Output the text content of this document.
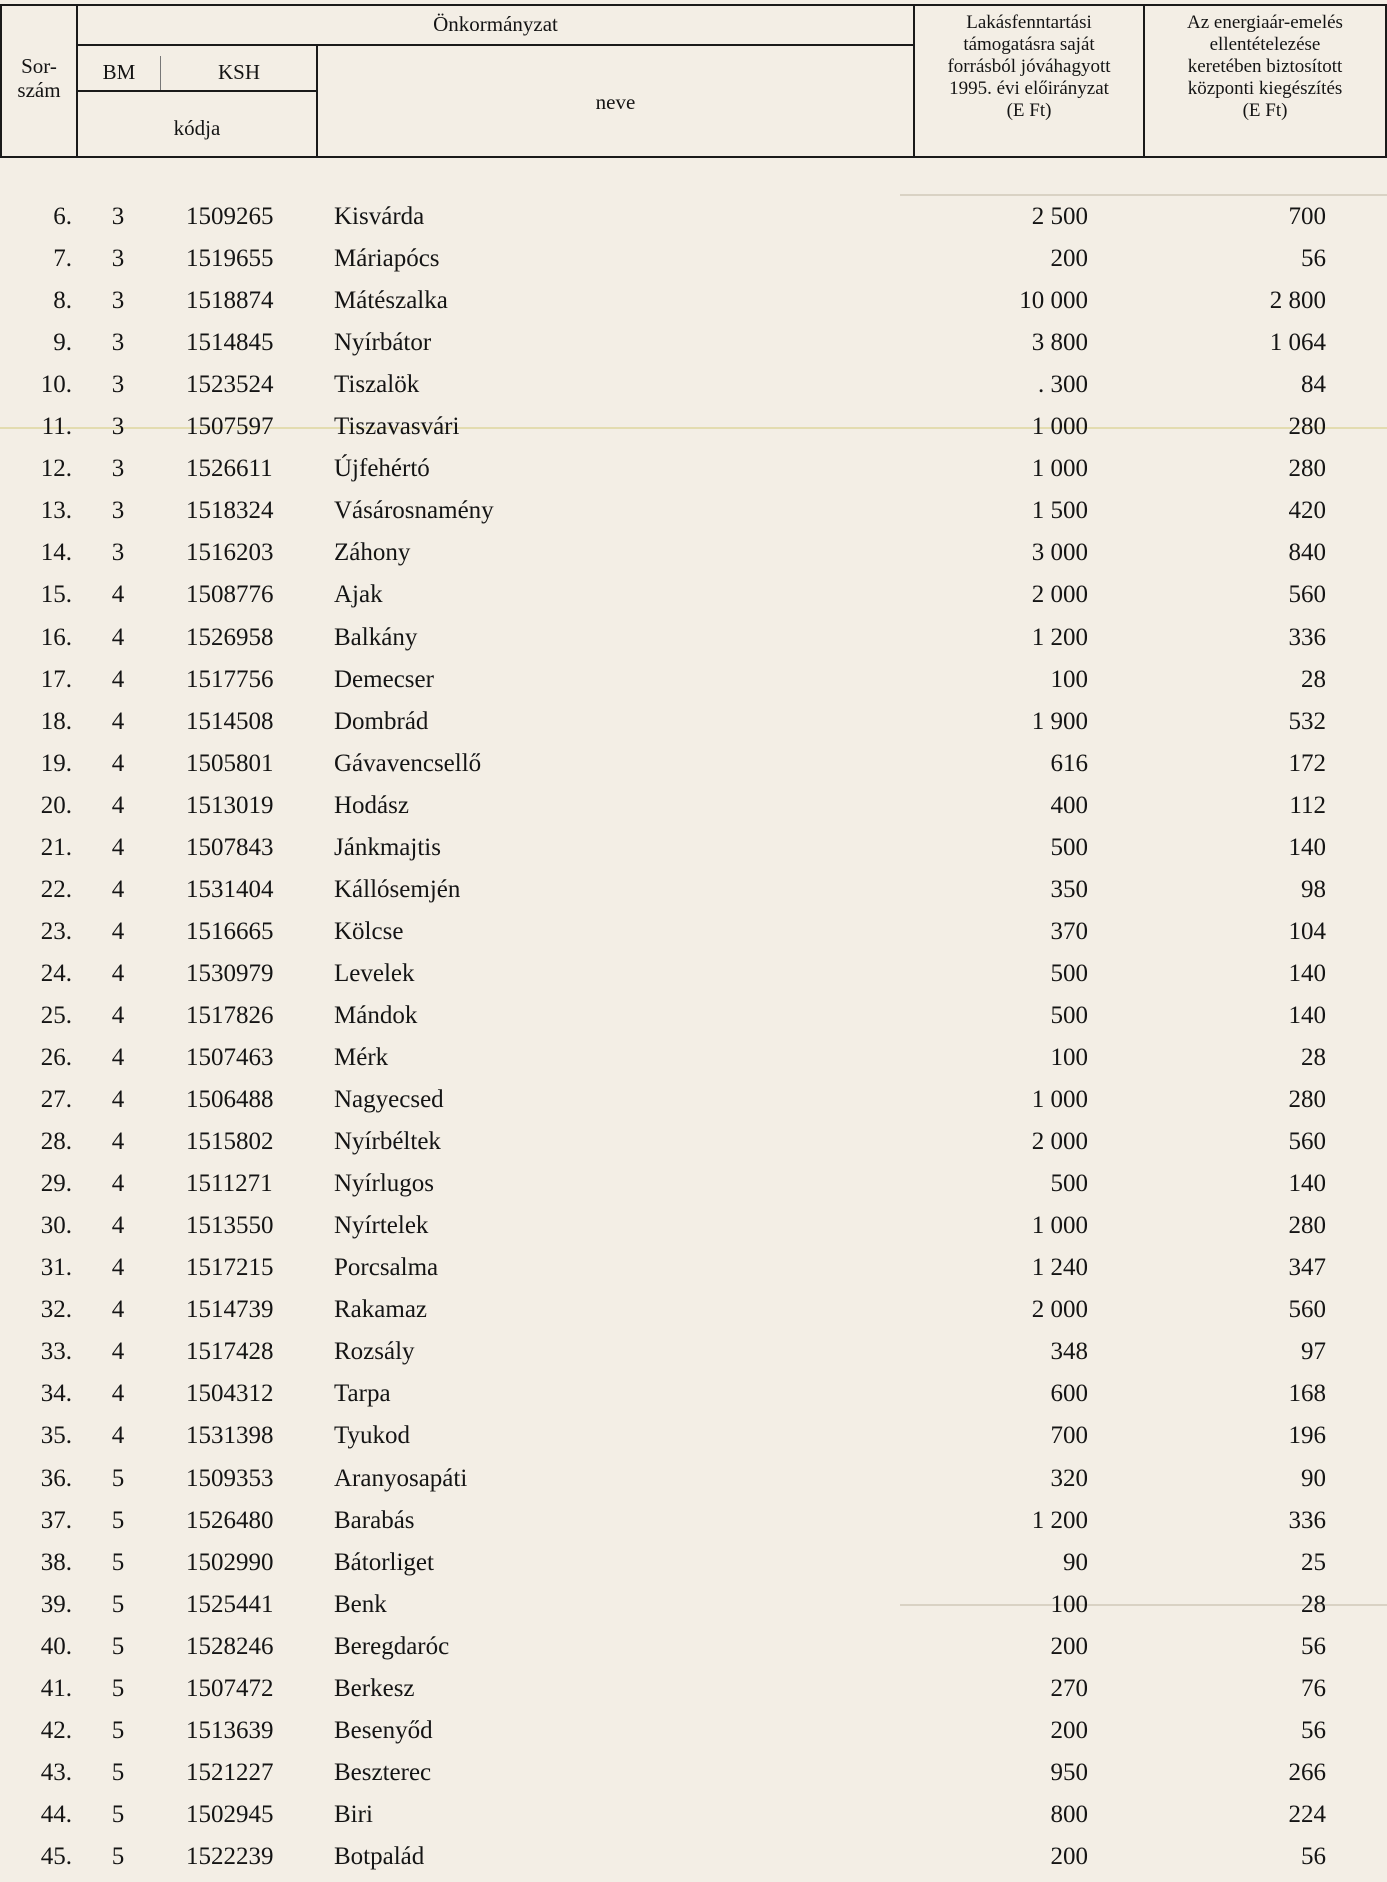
Sor-
szám
Önkormányzat
BM	KSH
kódja
neve
Lakásfenntartási
támogatásra saját
forrásból jóváhagyott
1995. évi előirányzat
(E Ft)
Az energiaár-emelés
ellentételezése
keretében biztosított
központi kiegészítés
(E Ft)
6.	3	1509265	Kisvárda	2 500	700
7.	3	1519655	Máriapócs	200	56
8.	3	1518874	Mátészalka	10 000	2 800
9.	3	1514845	Nyírbátor	3 800	1 064
10.	3	1523524	Tiszalök	. 300	84
11.	3	1507597	Tiszavasvári	1 000	280
12.	3	1526611	Újfehértó	1 000	280
13.	3	1518324	Vásárosnamény	1 500	420
14.	3	1516203	Záhony	3 000	840
15.	4	1508776	Ajak	2 000	560
16.	4	1526958	Balkány	1 200	336
17.	4	1517756	Demecser	100	28
18.	4	1514508	Dombrád	1 900	532
19.	4	1505801	Gávavencsellő	616	172
20.	4	1513019	Hodász	400	112
21.	4	1507843	Jánkmajtis	500	140
22.	4	1531404	Kállósemjén	350	98
23.	4	1516665	Kölcse	370	104
24.	4	1530979	Levelek	500	140
25.	4	1517826	Mándok	500	140
26.	4	1507463	Mérk	100	28
27.	4	1506488	Nagyecsed	1 000	280
28.	4	1515802	Nyírbéltek	2 000	560
29.	4	1511271	Nyírlugos	500	140
30.	4	1513550	Nyírtelek	1 000	280
31.	4	1517215	Porcsalma	1 240	347
32.	4	1514739	Rakamaz	2 000	560
33.	4	1517428	Rozsály	348	97
34.	4	1504312	Tarpa	600	168
35.	4	1531398	Tyukod	700	196
36.	5	1509353	Aranyosapáti	320	90
37.	5	1526480	Barabás	1 200	336
38.	5	1502990	Bátorliget	90	25
39.	5	1525441	Benk	100	28
40.	5	1528246	Beregdaróc	200	56
41.	5	1507472	Berkesz	270	76
42.	5	1513639	Besenyőd	200	56
43.	5	1521227	Beszterec	950	266
44.	5	1502945	Biri	800	224
45.	5	1522239	Botpalád	200	56
